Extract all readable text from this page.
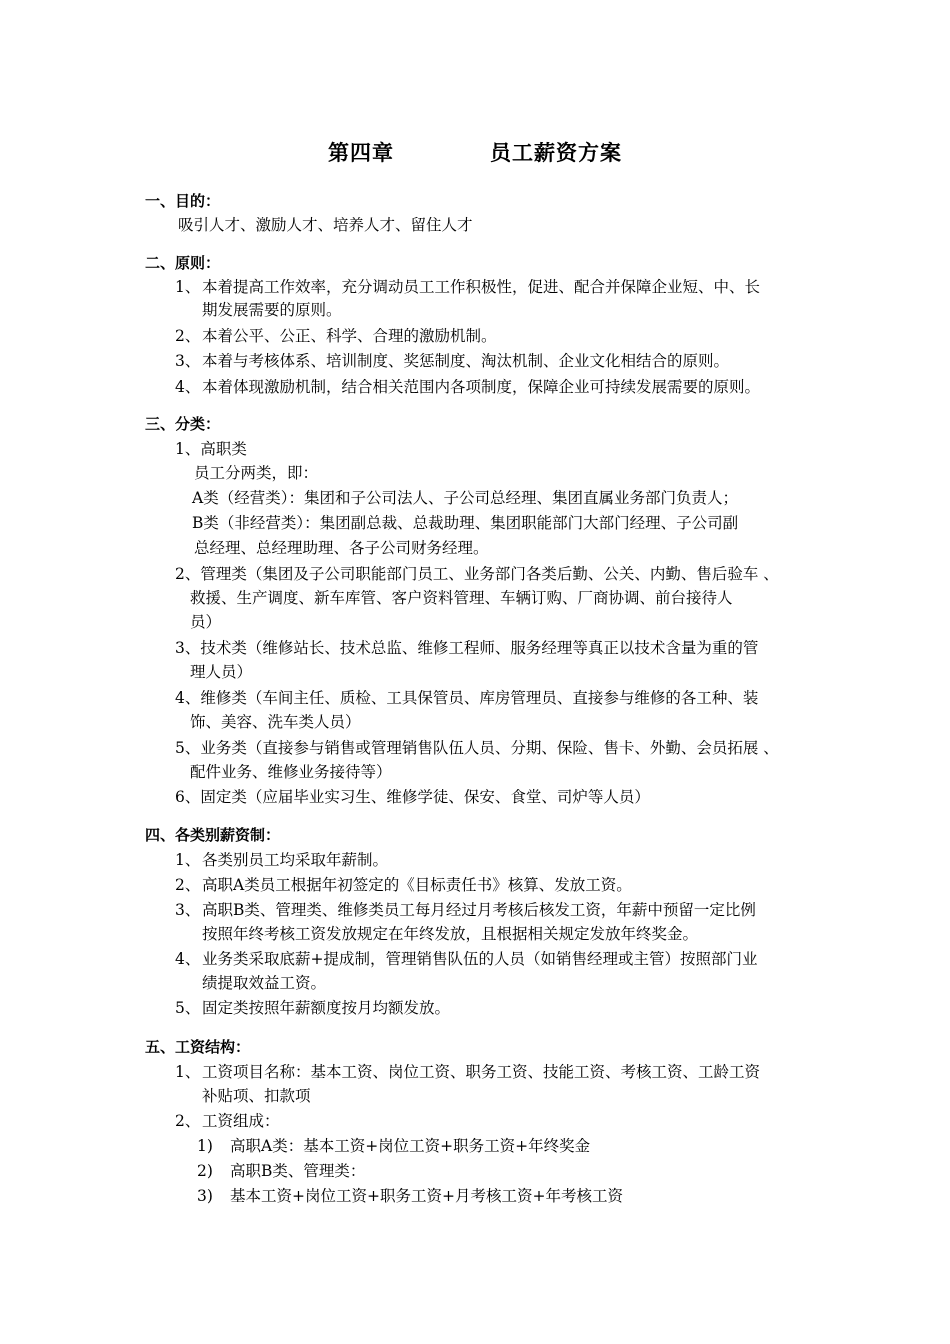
第四章	员工薪资方案
一、目的：
吸引人才、激励人才、培养人才、留住人才
二、原则：
1、 本着提高工作效率，充分调动员工工作积极性，促进、配合并保障企业短、中、长
期发展需要的原则。
2、 本着公平、公正、科学、合理的激励机制。
3、 本着与考核体系、培训制度、奖惩制度、淘汰机制、企业文化相结合的原则。
4、 本着体现激励机制，结合相关范围内各项制度，保障企业可持续发展需要的原则。
三、分类：
1、高职类
员工分两类，即：
A类（经营类）：集团和子公司法人、子公司总经理、集团直属业务部门负责人；
B类（非经营类）：集团副总裁、总裁助理、集团职能部门大部门经理、子公司副
总经理、总经理助理、各子公司财务经理。
2、管理类（集团及子公司职能部门员工、业务部门各类后勤、公关、内勤、售后验车 、
救援、生产调度、新车库管、客户资料管理、车辆订购、厂商协调、前台接待人
员）
3、技术类（维修站长、技术总监、维修工程师、服务经理等真正以技术含量为重的管
理人员）
4、维修类（车间主任、质检、工具保管员、库房管理员、直接参与维修的各工种、装
饰、美容、洗车类人员）
5、业务类（直接参与销售或管理销售队伍人员、分期、保险、售卡、外勤、会员拓展 、
配件业务、维修业务接待等）
6、固定类（应届毕业实习生、维修学徒、保安、食堂、司炉等人员）
四、各类别薪资制：
1、 各类别员工均采取年薪制。
2、 高职A类员工根据年初签定的《目标责任书》核算、发放工资。
3、 高职B类、管理类、维修类员工每月经过月考核后核发工资，年薪中预留一定比例
按照年终考核工资发放规定在年终发放，且根据相关规定发放年终奖金。
4、 业务类采取底薪+提成制，管理销售队伍的人员（如销售经理或主管）按照部门业
绩提取效益工资。
5、 固定类按照年薪额度按月均额发放。
五、工资结构：
1、 工资项目名称：基本工资、岗位工资、职务工资、技能工资、考核工资、工龄工资
补贴项、扣款项
2、 工资组成：
1) 高职A类：基本工资+岗位工资+职务工资+年终奖金
2) 高职B类、管理类：
3) 基本工资+岗位工资+职务工资+月考核工资+年考核工资
